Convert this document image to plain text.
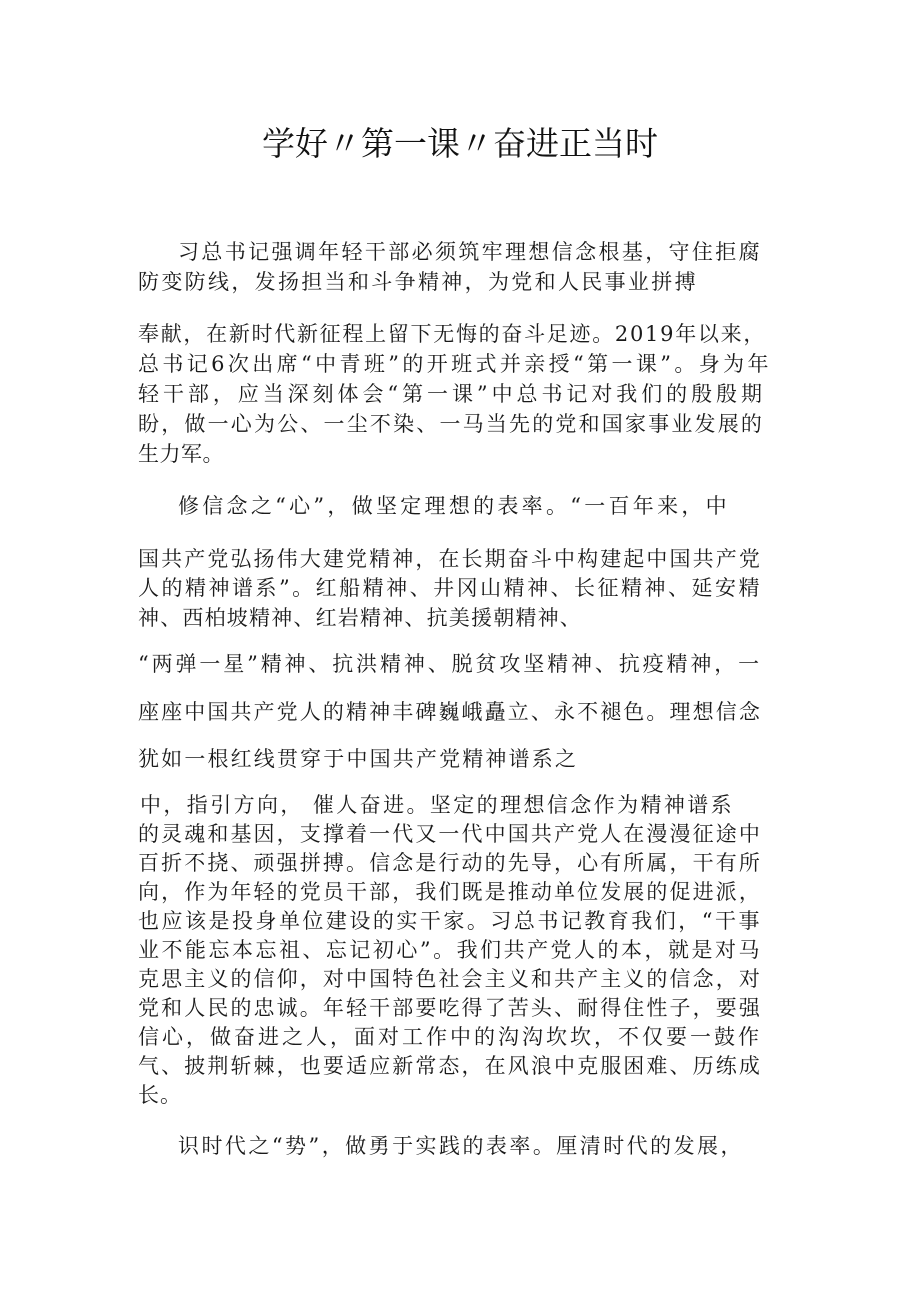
学好〃第一课〃奋进正当时
习总书记强调年轻干部必须筑牢理想信念根基，守住拒腐
防变防线，发扬担当和斗争精神，为党和人民事业拼搏
奉献，在新时代新征程上留下无悔的奋斗足迹。2019年以来，
总书记6次出席“中青班”的开班式并亲授“第一课”。身为年
轻干部，应当深刻体会“第一课”中总书记对我们的殷殷期
盼，做一心为公、一尘不染、一马当先的党和国家事业发展的
生力军。
修信念之“心”，做坚定理想的表率。“一百年来，中
国共产党弘扬伟大建党精神，在长期奋斗中构建起中国共产党
人的精神谱系”。红船精神、井冈山精神、长征精神、延安精
神、西柏坡精神、红岩精神、抗美援朝精神、
“两弹一星”精神、抗洪精神、脱贫攻坚精神、抗疫精神，一
座座中国共产党人的精神丰碑巍峨矗立、永不褪色。理想信念
犹如一根红线贯穿于中国共产党精神谱系之
中，指引方向， 催人奋进。坚定的理想信念作为精神谱系
的灵魂和基因，支撑着一代又一代中国共产党人在漫漫征途中
百折不挠、顽强拼搏。信念是行动的先导，心有所属，干有所
向，作为年轻的党员干部，我们既是推动单位发展的促进派，
也应该是投身单位建设的实干家。习总书记教育我们，“干事
业不能忘本忘祖、忘记初心”。我们共产党人的本，就是对马
克思主义的信仰，对中国特色社会主义和共产主义的信念，对
党和人民的忠诚。年轻干部要吃得了苦头、耐得住性子，要强
信心，做奋进之人，面对工作中的沟沟坎坎，不仅要一鼓作
气、披荆斩棘，也要适应新常态，在风浪中克服困难、历练成
长。
识时代之“势”，做勇于实践的表率。厘清时代的发展，
